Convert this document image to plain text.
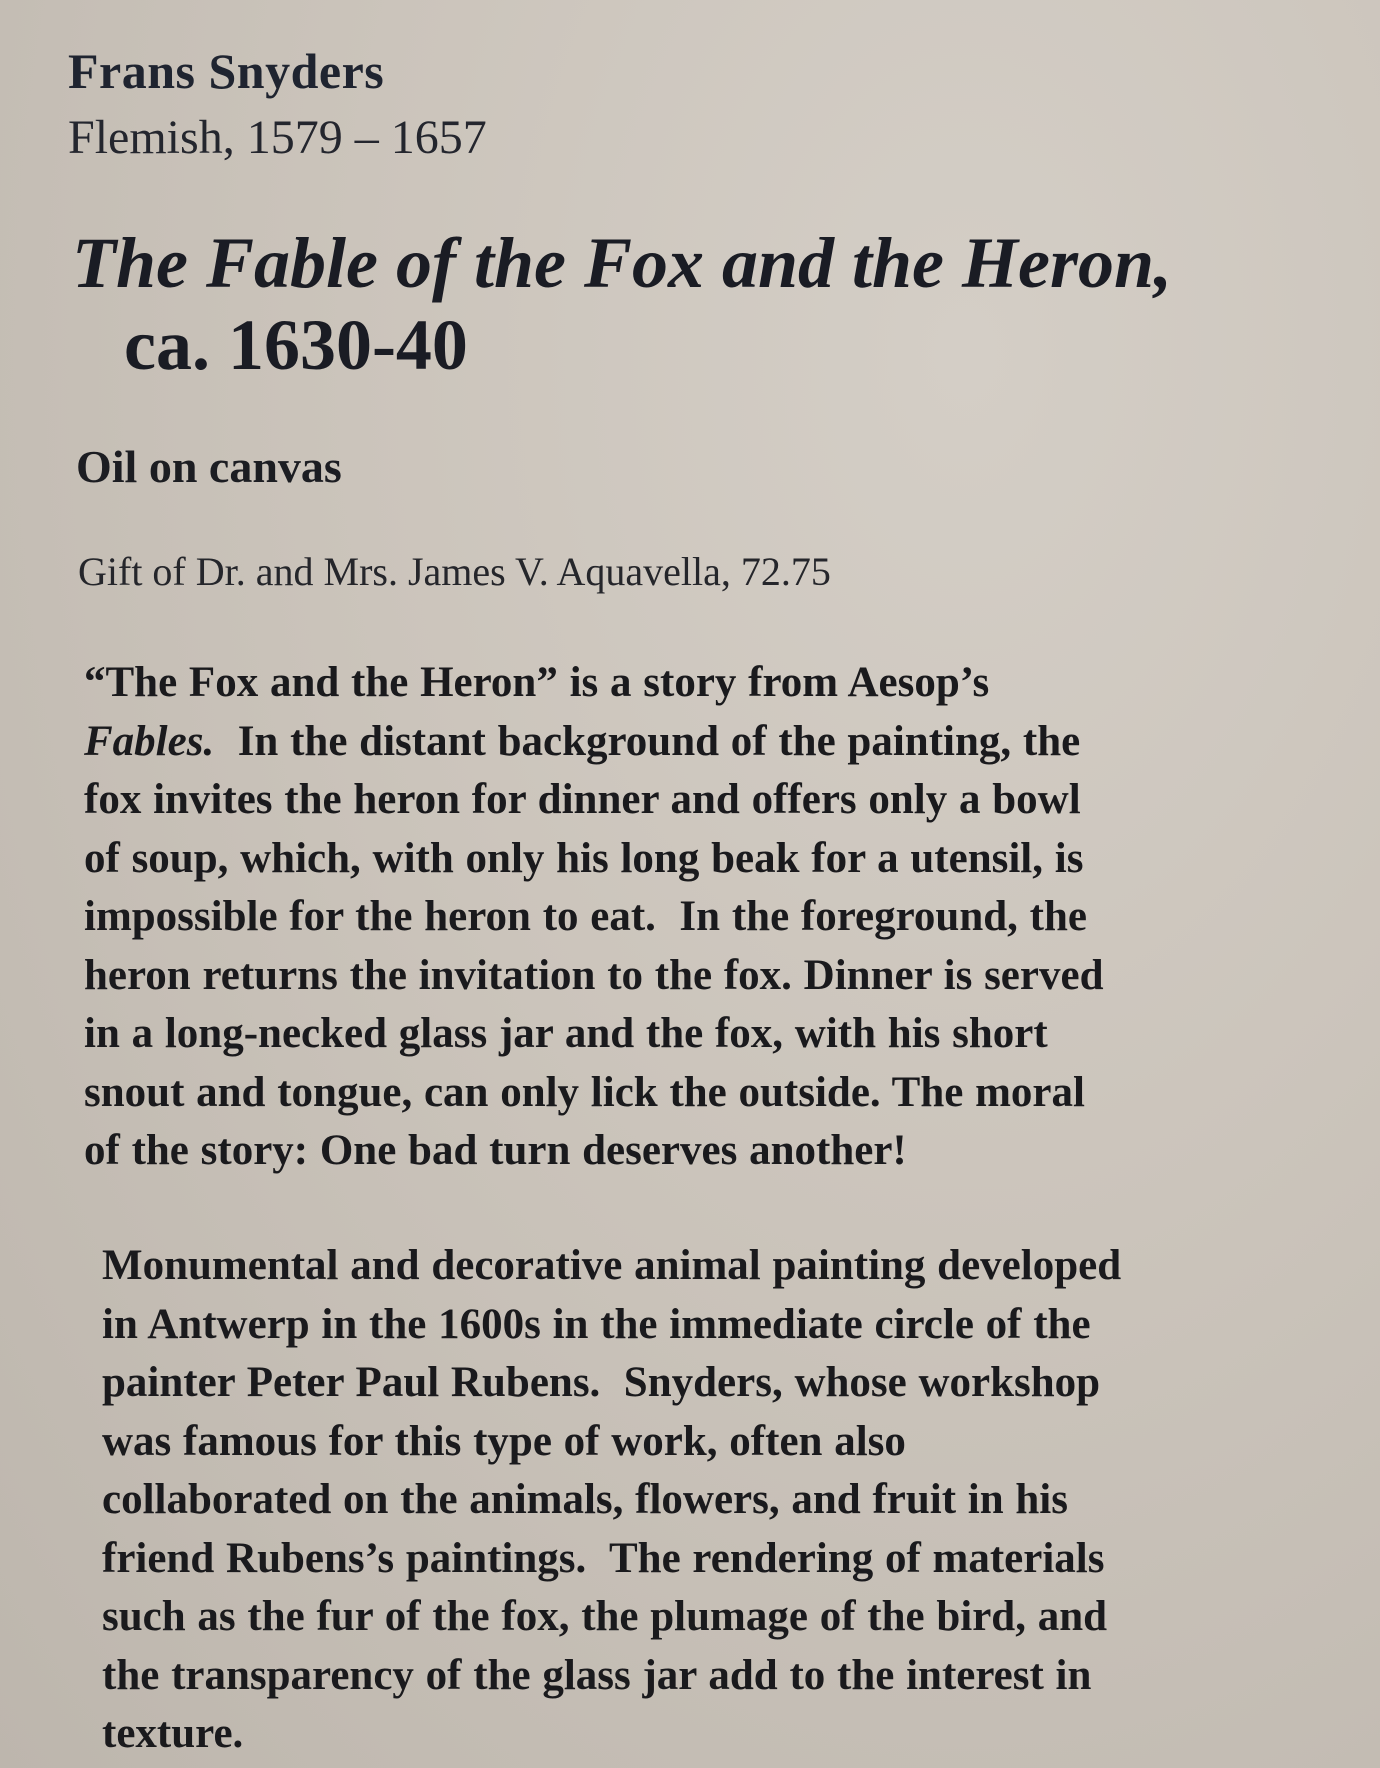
Frans Snyders

Flemish, 1579 – 1657

The Fable of the Fox and the Heron,
ca. 1630-40

Oil on canvas

Gift of Dr. and Mrs. James V. Aquavella, 72.75

“The Fox and the Heron” is a story from Aesop’s
Fables.  In the distant background of the painting, the
fox invites the heron for dinner and offers only a bowl
of soup, which, with only his long beak for a utensil, is
impossible for the heron to eat.  In the foreground, the
heron returns the invitation to the fox. Dinner is served
in a long-necked glass jar and the fox, with his short
snout and tongue, can only lick the outside. The moral
of the story: One bad turn deserves another!

Monumental and decorative animal painting developed
in Antwerp in the 1600s in the immediate circle of the
painter Peter Paul Rubens.  Snyders, whose workshop
was famous for this type of work, often also
collaborated on the animals, flowers, and fruit in his
friend Rubens’s paintings.  The rendering of materials
such as the fur of the fox, the plumage of the bird, and
the transparency of the glass jar add to the interest in
texture.
